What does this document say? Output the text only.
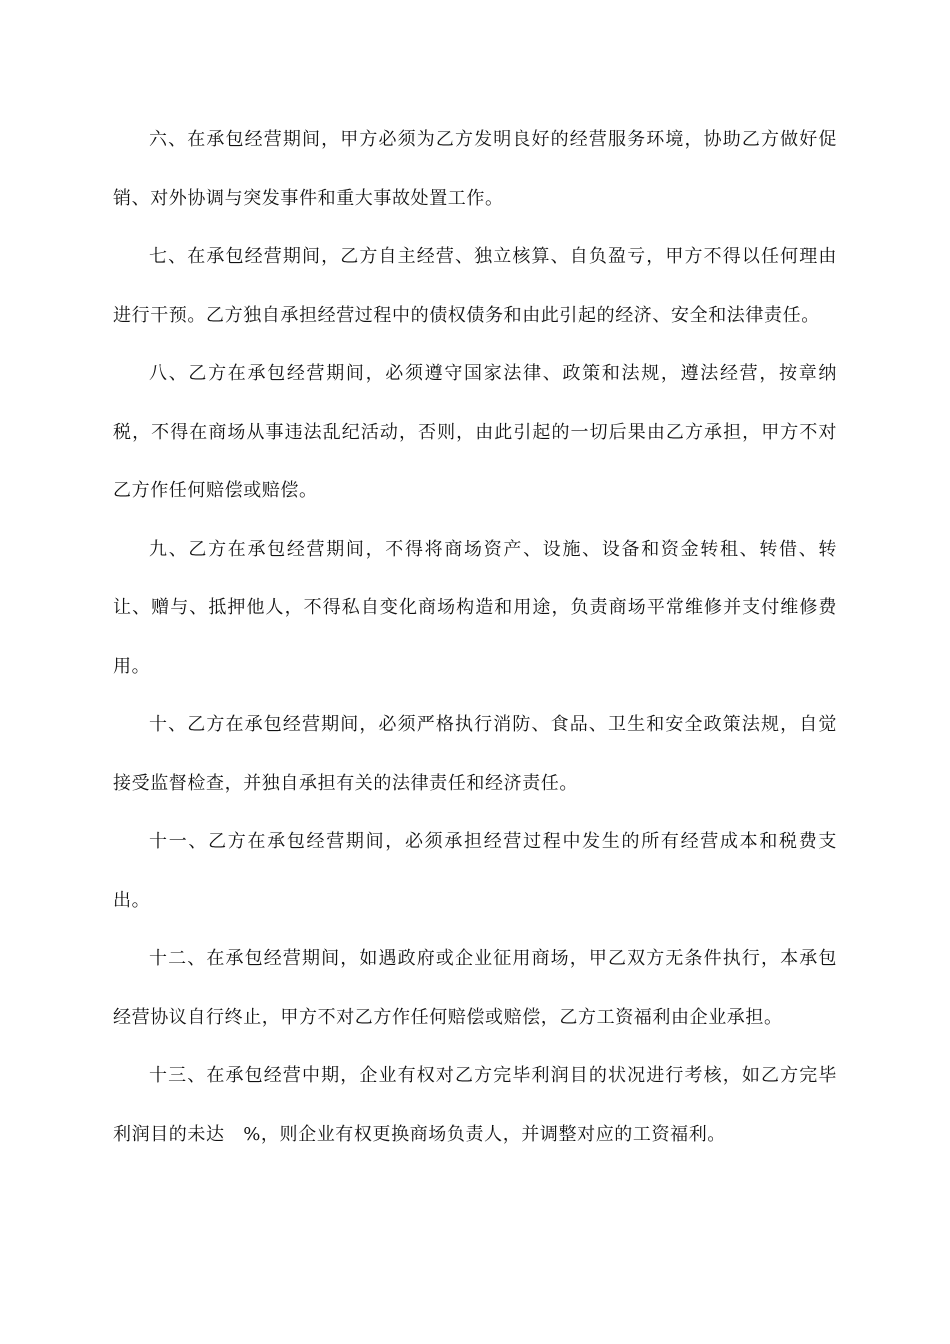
六、在承包经营期间，甲方必须为乙方发明良好的经营服务环境，协助乙方做好促销、对外协调与突发事件和重大事故处置工作。

七、在承包经营期间，乙方自主经营、独立核算、自负盈亏，甲方不得以任何理由进行干预。乙方独自承担经营过程中的债权债务和由此引起的经济、安全和法律责任。

八、乙方在承包经营期间，必须遵守国家法律、政策和法规，遵法经营，按章纳税，不得在商场从事违法乱纪活动，否则，由此引起的一切后果由乙方承担，甲方不对乙方作任何赔偿或赔偿。

九、乙方在承包经营期间，不得将商场资产、设施、设备和资金转租、转借、转让、赠与、抵押他人，不得私自变化商场构造和用途，负责商场平常维修并支付维修费用。

十、乙方在承包经营期间，必须严格执行消防、食品、卫生和安全政策法规，自觉接受监督检查，并独自承担有关的法律责任和经济责任。

十一、乙方在承包经营期间，必须承担经营过程中发生的所有经营成本和税费支出。

十二、在承包经营期间，如遇政府或企业征用商场，甲乙双方无条件执行，本承包经营协议自行终止，甲方不对乙方作任何赔偿或赔偿，乙方工资福利由企业承担。

十三、在承包经营中期，企业有权对乙方完毕利润目的状况进行考核，如乙方完毕利润目的未达　%，则企业有权更换商场负责人，并调整对应的工资福利。
